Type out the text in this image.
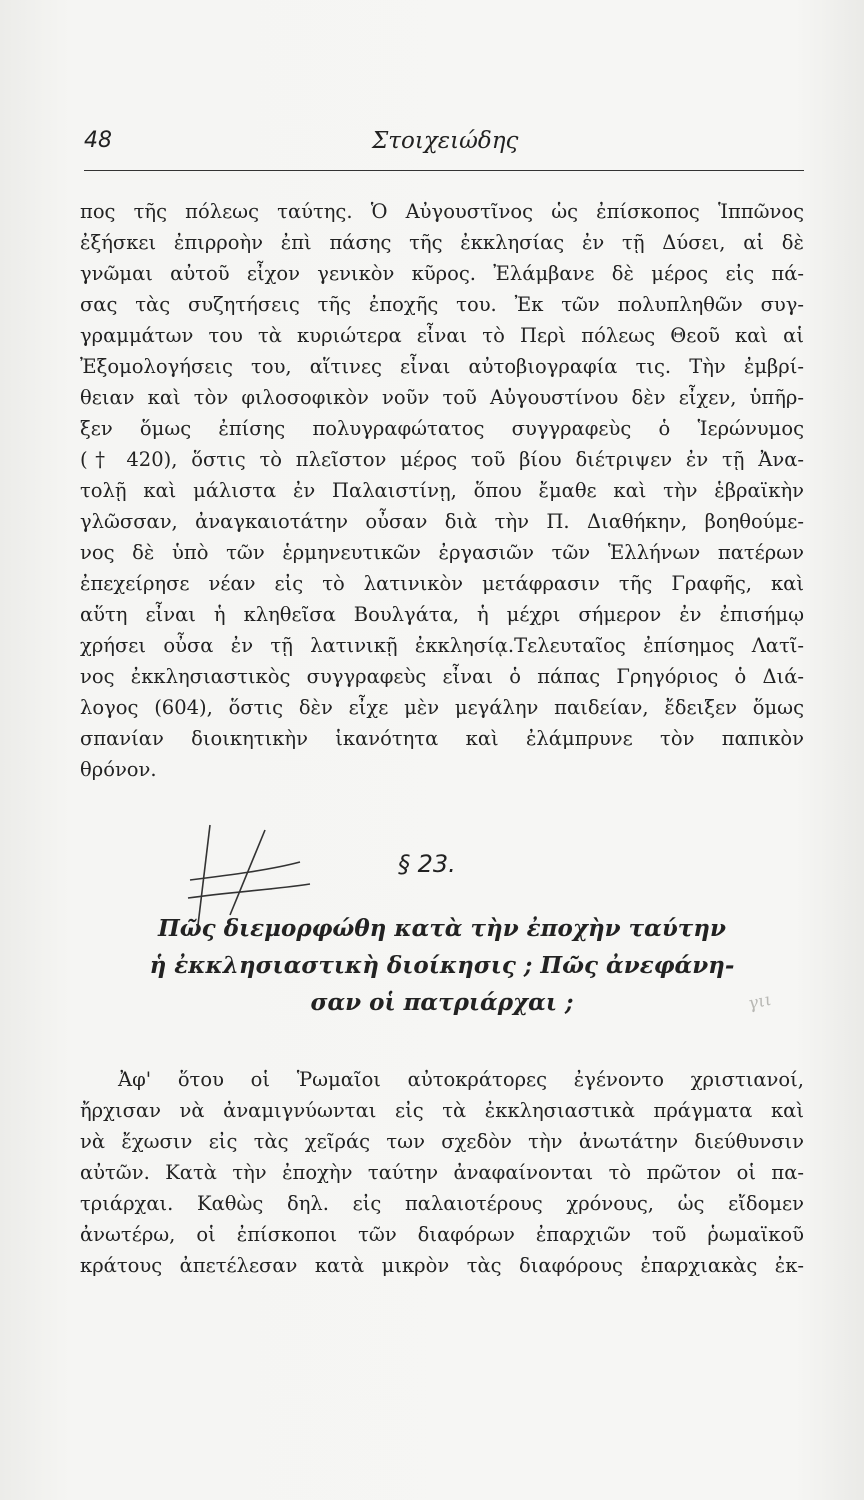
48	Στοιχειώδης
πος τῆς πόλεως ταύτης. Ὁ Αὐγουστῖνος ὡς ἐπίσκοπος Ἱππῶνος
ἐξήσκει ἐπιρροὴν ἐπὶ πάσης τῆς ἐκκλησίας ἐν τῇ Δύσει, αἱ δὲ
γνῶμαι αὐτοῦ εἶχον γενικὸν κῦρος. Ἐλάμβανε δὲ μέρος εἰς πά-
σας τὰς συζητήσεις τῆς ἐποχῆς του. Ἐκ τῶν πολυπληθῶν συγ-
γραμμάτων του τὰ κυριώτερα εἶναι τὸ Περὶ πόλεως Θεοῦ καὶ αἱ
Ἐξομολογήσεις του, αἵτινες εἶναι αὐτοβιογραφία τις. Τὴν ἐμβρί-
θειαν καὶ τὸν φιλοσοφικὸν νοῦν τοῦ Αὐγουστίνου δὲν εἶχεν, ὑπῆρ-
ξεν ὅμως ἐπίσης πολυγραφώτατος συγγραφεὺς ὁ Ἱερώνυμος
(† 420), ὅστις τὸ πλεῖστον μέρος τοῦ βίου διέτριψεν ἐν τῇ Ἀνα-
τολῇ καὶ μάλιστα ἐν Παλαιστίνῃ, ὅπου ἔμαθε καὶ τὴν ἑβραϊκὴν
γλῶσσαν, ἀναγκαιοτάτην οὖσαν διὰ τὴν Π. Διαθήκην, βοηθούμε-
νος δὲ ὑπὸ τῶν ἑρμηνευτικῶν ἐργασιῶν τῶν Ἑλλήνων πατέρων
ἐπεχείρησε νέαν εἰς τὸ λατινικὸν μετάφρασιν τῆς Γραφῆς, καὶ
αὕτη εἶναι ἡ κληθεῖσα Βουλγάτα, ἡ μέχρι σήμερον ἐν ἐπισήμῳ
χρήσει οὖσα ἐν τῇ λατινικῇ ἐκκλησίᾳ.Τελευταῖος ἐπίσημος Λατῖ-
νος ἐκκλησιαστικὸς συγγραφεὺς εἶναι ὁ πάπας Γρηγόριος ὁ Διά-
λογος (604), ὅστις δὲν εἶχε μὲν μεγάλην παιδείαν, ἔδειξεν ὅμως
σπανίαν διοικητικὴν ἱκανότητα καὶ ἐλάμπρυνε τὸν παπικὸν
θρόνον.
§ 23.
Πῶς διεμορφώθη κατὰ τὴν ἐποχὴν ταύτην
ἡ ἐκκλησιαστικὴ διοίκησις ; Πῶς ἀνεφάνη-
σαν οἱ πατριάρχαι ;	γιι
Ἀφ' ὅτου οἱ Ῥωμαῖοι αὐτοκράτορες ἐγένοντο χριστιανοί,
ἤρχισαν νὰ ἀναμιγνύωνται εἰς τὰ ἐκκλησιαστικὰ πράγματα καὶ
νὰ ἔχωσιν εἰς τὰς χεῖράς των σχεδὸν τὴν ἀνωτάτην διεύθυνσιν
αὐτῶν. Κατὰ τὴν ἐποχὴν ταύτην ἀναφαίνονται τὸ πρῶτον οἱ πα-
τριάρχαι. Καθὼς δηλ. εἰς παλαιοτέρους χρόνους, ὡς εἴδομεν
ἀνωτέρω, οἱ ἐπίσκοποι τῶν διαφόρων ἐπαρχιῶν τοῦ ῥωμαϊκοῦ
κράτους ἀπετέλεσαν κατὰ μικρὸν τὰς διαφόρους ἐπαρχιακὰς ἐκ-
